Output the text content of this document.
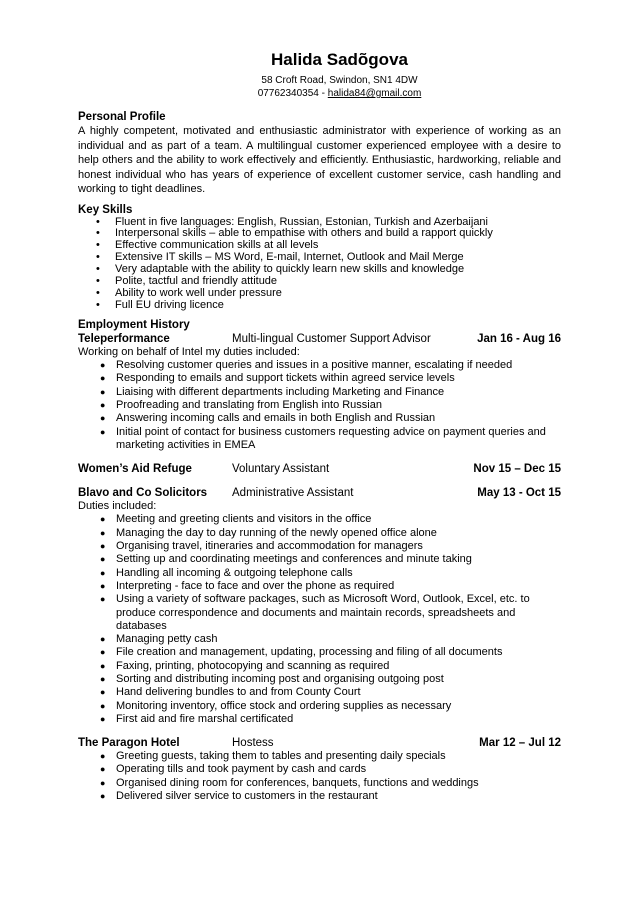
Halida Sadõgova
58 Croft Road, Swindon, SN1 4DW
07762340354 - halida84@gmail.com
Personal Profile
A highly competent, motivated and enthusiastic administrator with experience of working as an individual and as part of a team. A multilingual customer experienced employee with a desire to help others and the ability to work effectively and efficiently. Enthusiastic, hardworking, reliable and honest individual who has years of experience of excellent customer service, cash handling and working to tight deadlines.
Key Skills
• Fluent in five languages: English, Russian, Estonian, Turkish and Azerbaijani
• Interpersonal skills – able to empathise with others and build a rapport quickly
• Effective communication skills at all levels
• Extensive IT skills – MS Word, E-mail, Internet, Outlook and Mail Merge
• Very adaptable with the ability to quickly learn new skills and knowledge
• Polite, tactful and friendly attitude
• Ability to work well under pressure
• Full EU driving licence
Employment History
Teleperformance	Multi-lingual Customer Support Advisor	Jan 16 - Aug 16
Working on behalf of Intel my duties included:
● Resolving customer queries and issues in a positive manner, escalating if needed
● Responding to emails and support tickets within agreed service levels
● Liaising with different departments including Marketing and Finance
● Proofreading and translating from English into Russian
● Answering incoming calls and emails in both English and Russian
● Initial point of contact for business customers requesting advice on payment queries and marketing activities in EMEA
Women’s Aid Refuge	Voluntary Assistant	Nov 15 – Dec 15
Blavo and Co Solicitors	Administrative Assistant	May 13 - Oct 15
Duties included:
● Meeting and greeting clients and visitors in the office
● Managing the day to day running of the newly opened office alone
● Organising travel, itineraries and accommodation for managers
● Setting up and coordinating meetings and conferences and minute taking
● Handling all incoming & outgoing telephone calls
● Interpreting - face to face and over the phone as required
● Using a variety of software packages, such as Microsoft Word, Outlook, Excel, etc. to produce correspondence and documents and maintain records, spreadsheets and databases
● Managing petty cash
● File creation and management, updating, processing and filing of all documents
● Faxing, printing, photocopying and scanning as required
● Sorting and distributing incoming post and organising outgoing post
● Hand delivering bundles to and from County Court
● Monitoring inventory, office stock and ordering supplies as necessary
● First aid and fire marshal certificated
The Paragon Hotel	Hostess	Mar 12 – Jul 12
● Greeting guests, taking them to tables and presenting daily specials
● Operating tills and took payment by cash and cards
● Organised dining room for conferences, banquets, functions and weddings
● Delivered silver service to customers in the restaurant
